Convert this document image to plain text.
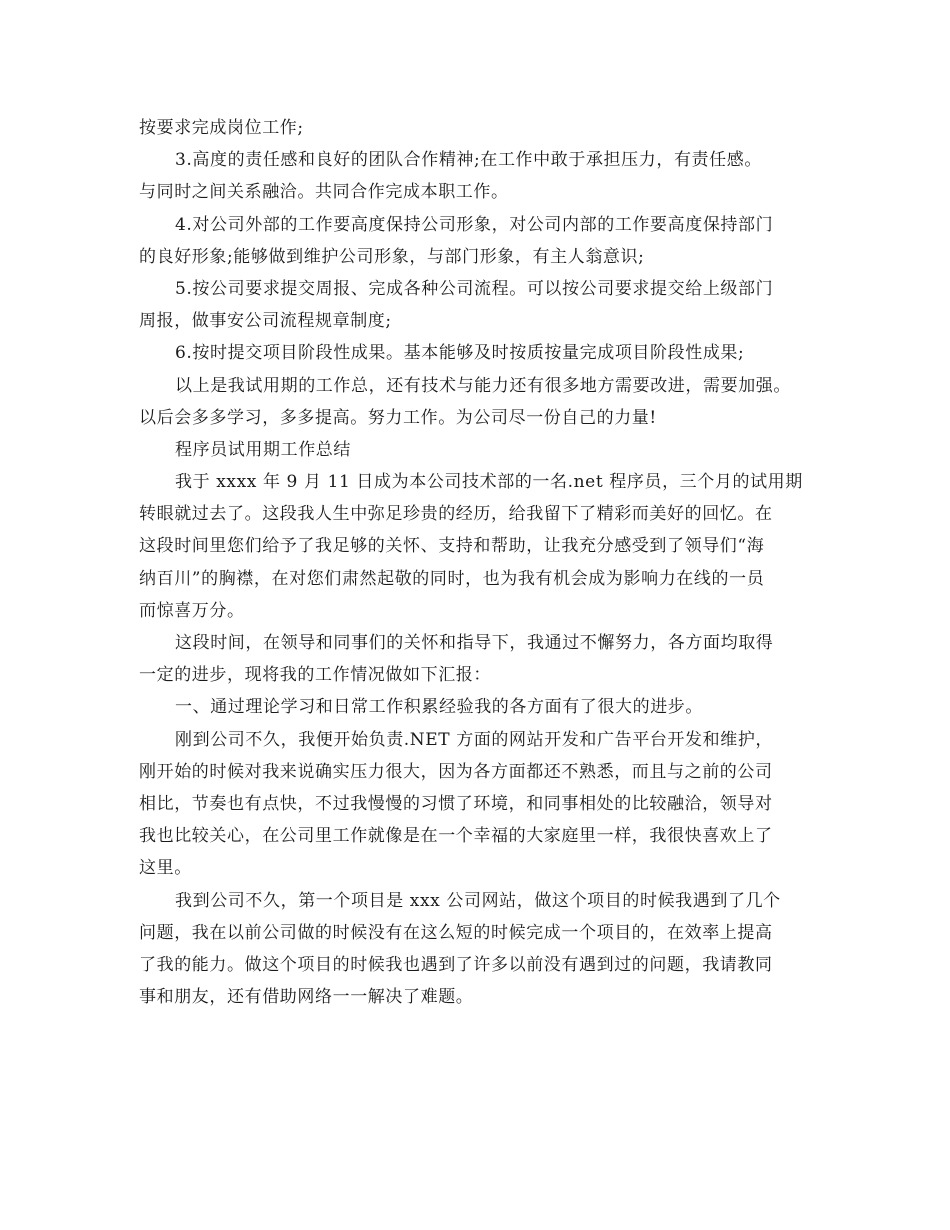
按要求完成岗位工作;
3.高度的责任感和良好的团队合作精神;在工作中敢于承担压力，有责任感。
与同时之间关系融洽。共同合作完成本职工作。
4.对公司外部的工作要高度保持公司形象，对公司内部的工作要高度保持部门
的良好形象;能够做到维护公司形象，与部门形象，有主人翁意识;
5.按公司要求提交周报、完成各种公司流程。可以按公司要求提交给上级部门
周报，做事安公司流程规章制度;
6.按时提交项目阶段性成果。基本能够及时按质按量完成项目阶段性成果;
以上是我试用期的工作总，还有技术与能力还有很多地方需要改进，需要加强。
以后会多多学习，多多提高。努力工作。为公司尽一份自己的力量!
程序员试用期工作总结
我于 xxxx 年 9 月 11 日成为本公司技术部的一名.net 程序员，三个月的试用期
转眼就过去了。这段我人生中弥足珍贵的经历，给我留下了精彩而美好的回忆。在
这段时间里您们给予了我足够的关怀、支持和帮助，让我充分感受到了领导们“海
纳百川”的胸襟，在对您们肃然起敬的同时，也为我有机会成为影响力在线的一员
而惊喜万分。
这段时间，在领导和同事们的关怀和指导下，我通过不懈努力，各方面均取得
一定的进步，现将我的工作情况做如下汇报：
一、通过理论学习和日常工作积累经验我的各方面有了很大的进步。
刚到公司不久，我便开始负责.NET 方面的网站开发和广告平台开发和维护，
刚开始的时候对我来说确实压力很大，因为各方面都还不熟悉，而且与之前的公司
相比，节奏也有点快，不过我慢慢的习惯了环境，和同事相处的比较融洽，领导对
我也比较关心，在公司里工作就像是在一个幸福的大家庭里一样，我很快喜欢上了
这里。
我到公司不久，第一个项目是 xxx 公司网站，做这个项目的时候我遇到了几个
问题，我在以前公司做的时候没有在这么短的时候完成一个项目的，在效率上提高
了我的能力。做这个项目的时候我也遇到了许多以前没有遇到过的问题，我请教同
事和朋友，还有借助网络一一解决了难题。
